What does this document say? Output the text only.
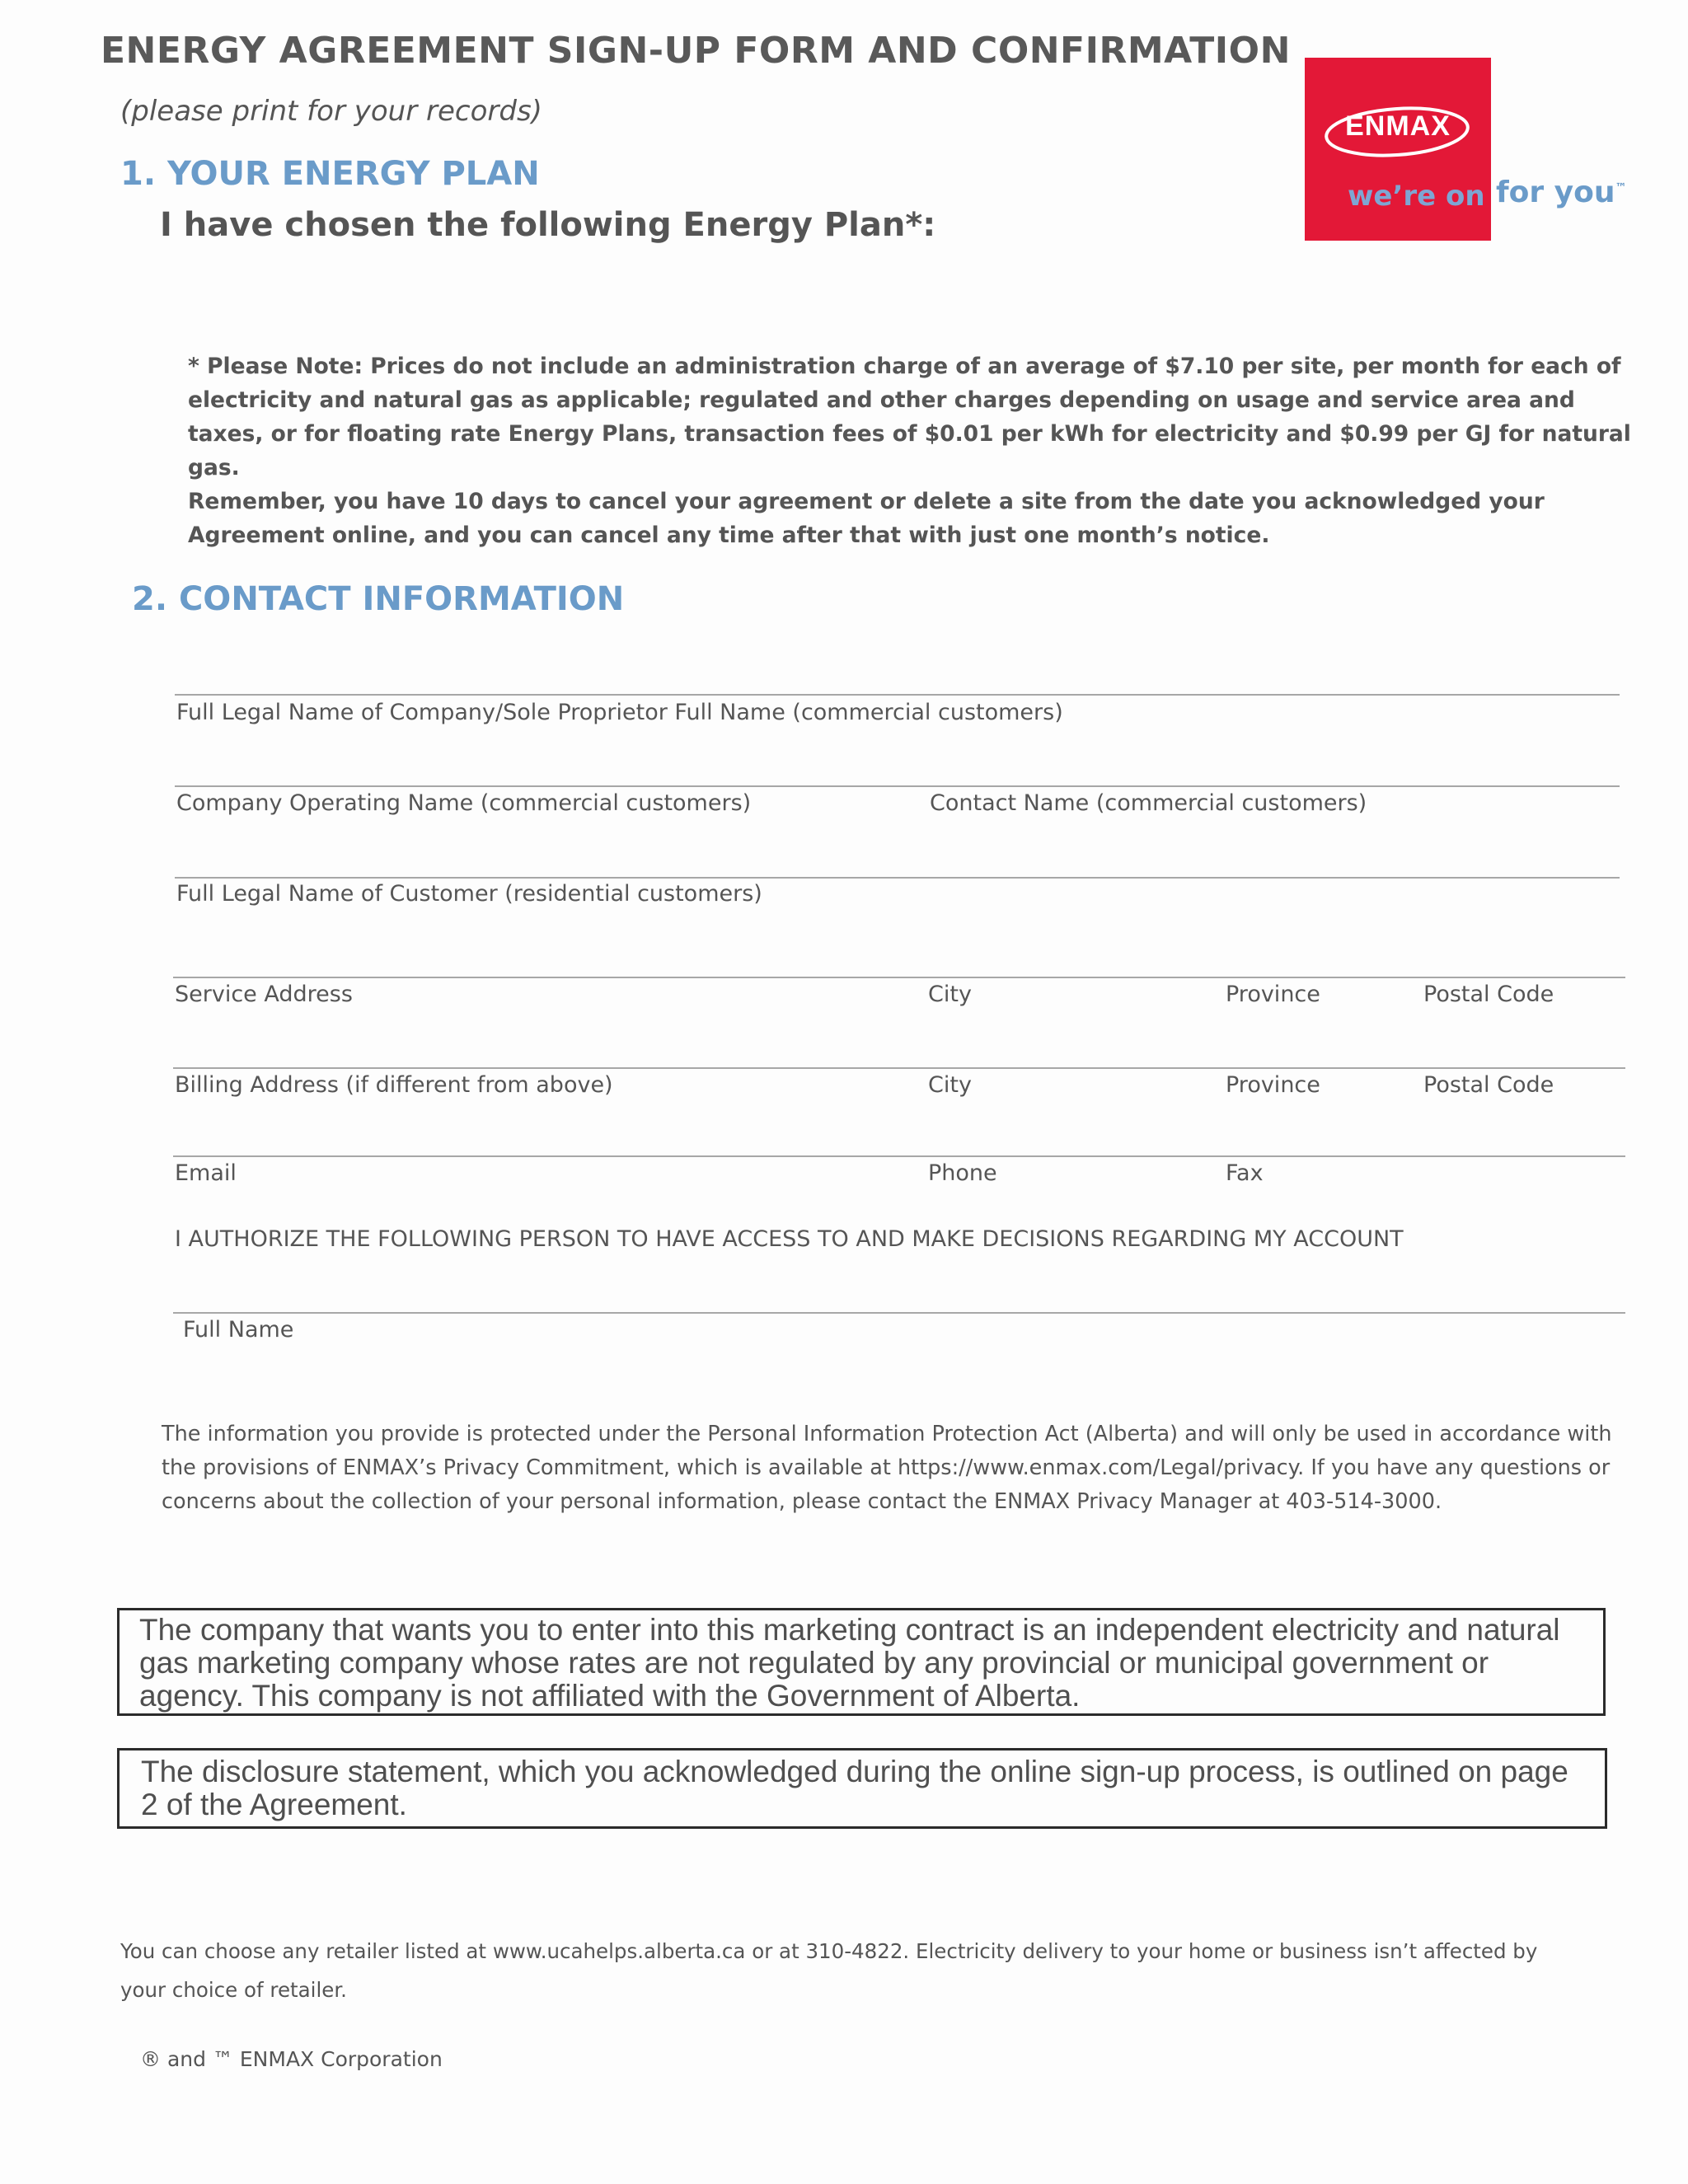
ENERGY AGREEMENT SIGN-UP FORM AND CONFIRMATION
(please print for your records)	ENMAX
we’re on for you™
1. YOUR ENERGY PLAN
I have chosen the following Energy Plan*:
* Please Note: Prices do not include an administration charge of an average of $7.10 per site, per month for each of electricity and natural gas as applicable; regulated and other charges depending on usage and service area and taxes, or for floating rate Energy Plans, transaction fees of $0.01 per kWh for electricity and $0.99 per GJ for natural gas.
Remember, you have 10 days to cancel your agreement or delete a site from the date you acknowledged your Agreement online, and you can cancel any time after that with just one month’s notice.
2. CONTACT INFORMATION
Full Legal Name of Company/Sole Proprietor Full Name (commercial customers)
Company Operating Name (commercial customers)	Contact Name (commercial customers)
Full Legal Name of Customer (residential customers)
Service Address	City	Province	Postal Code
Billing Address (if different from above)	City	Province	Postal Code
Email	Phone	Fax
I AUTHORIZE THE FOLLOWING PERSON TO HAVE ACCESS TO AND MAKE DECISIONS REGARDING MY ACCOUNT
Full Name
The information you provide is protected under the Personal Information Protection Act (Alberta) and will only be used in accordance with the provisions of ENMAX’s Privacy Commitment, which is available at https://www.enmax.com/Legal/privacy. If you have any questions or concerns about the collection of your personal information, please contact the ENMAX Privacy Manager at 403-514-3000.
The company that wants you to enter into this marketing contract is an independent electricity and natural gas marketing company whose rates are not regulated by any provincial or municipal government or agency. This company is not affiliated with the Government of Alberta.
The disclosure statement, which you acknowledged during the online sign-up process, is outlined on page 2 of the Agreement.
You can choose any retailer listed at www.ucahelps.alberta.ca or at 310-4822. Electricity delivery to your home or business isn’t affected by your choice of retailer.
® and ™ ENMAX Corporation
